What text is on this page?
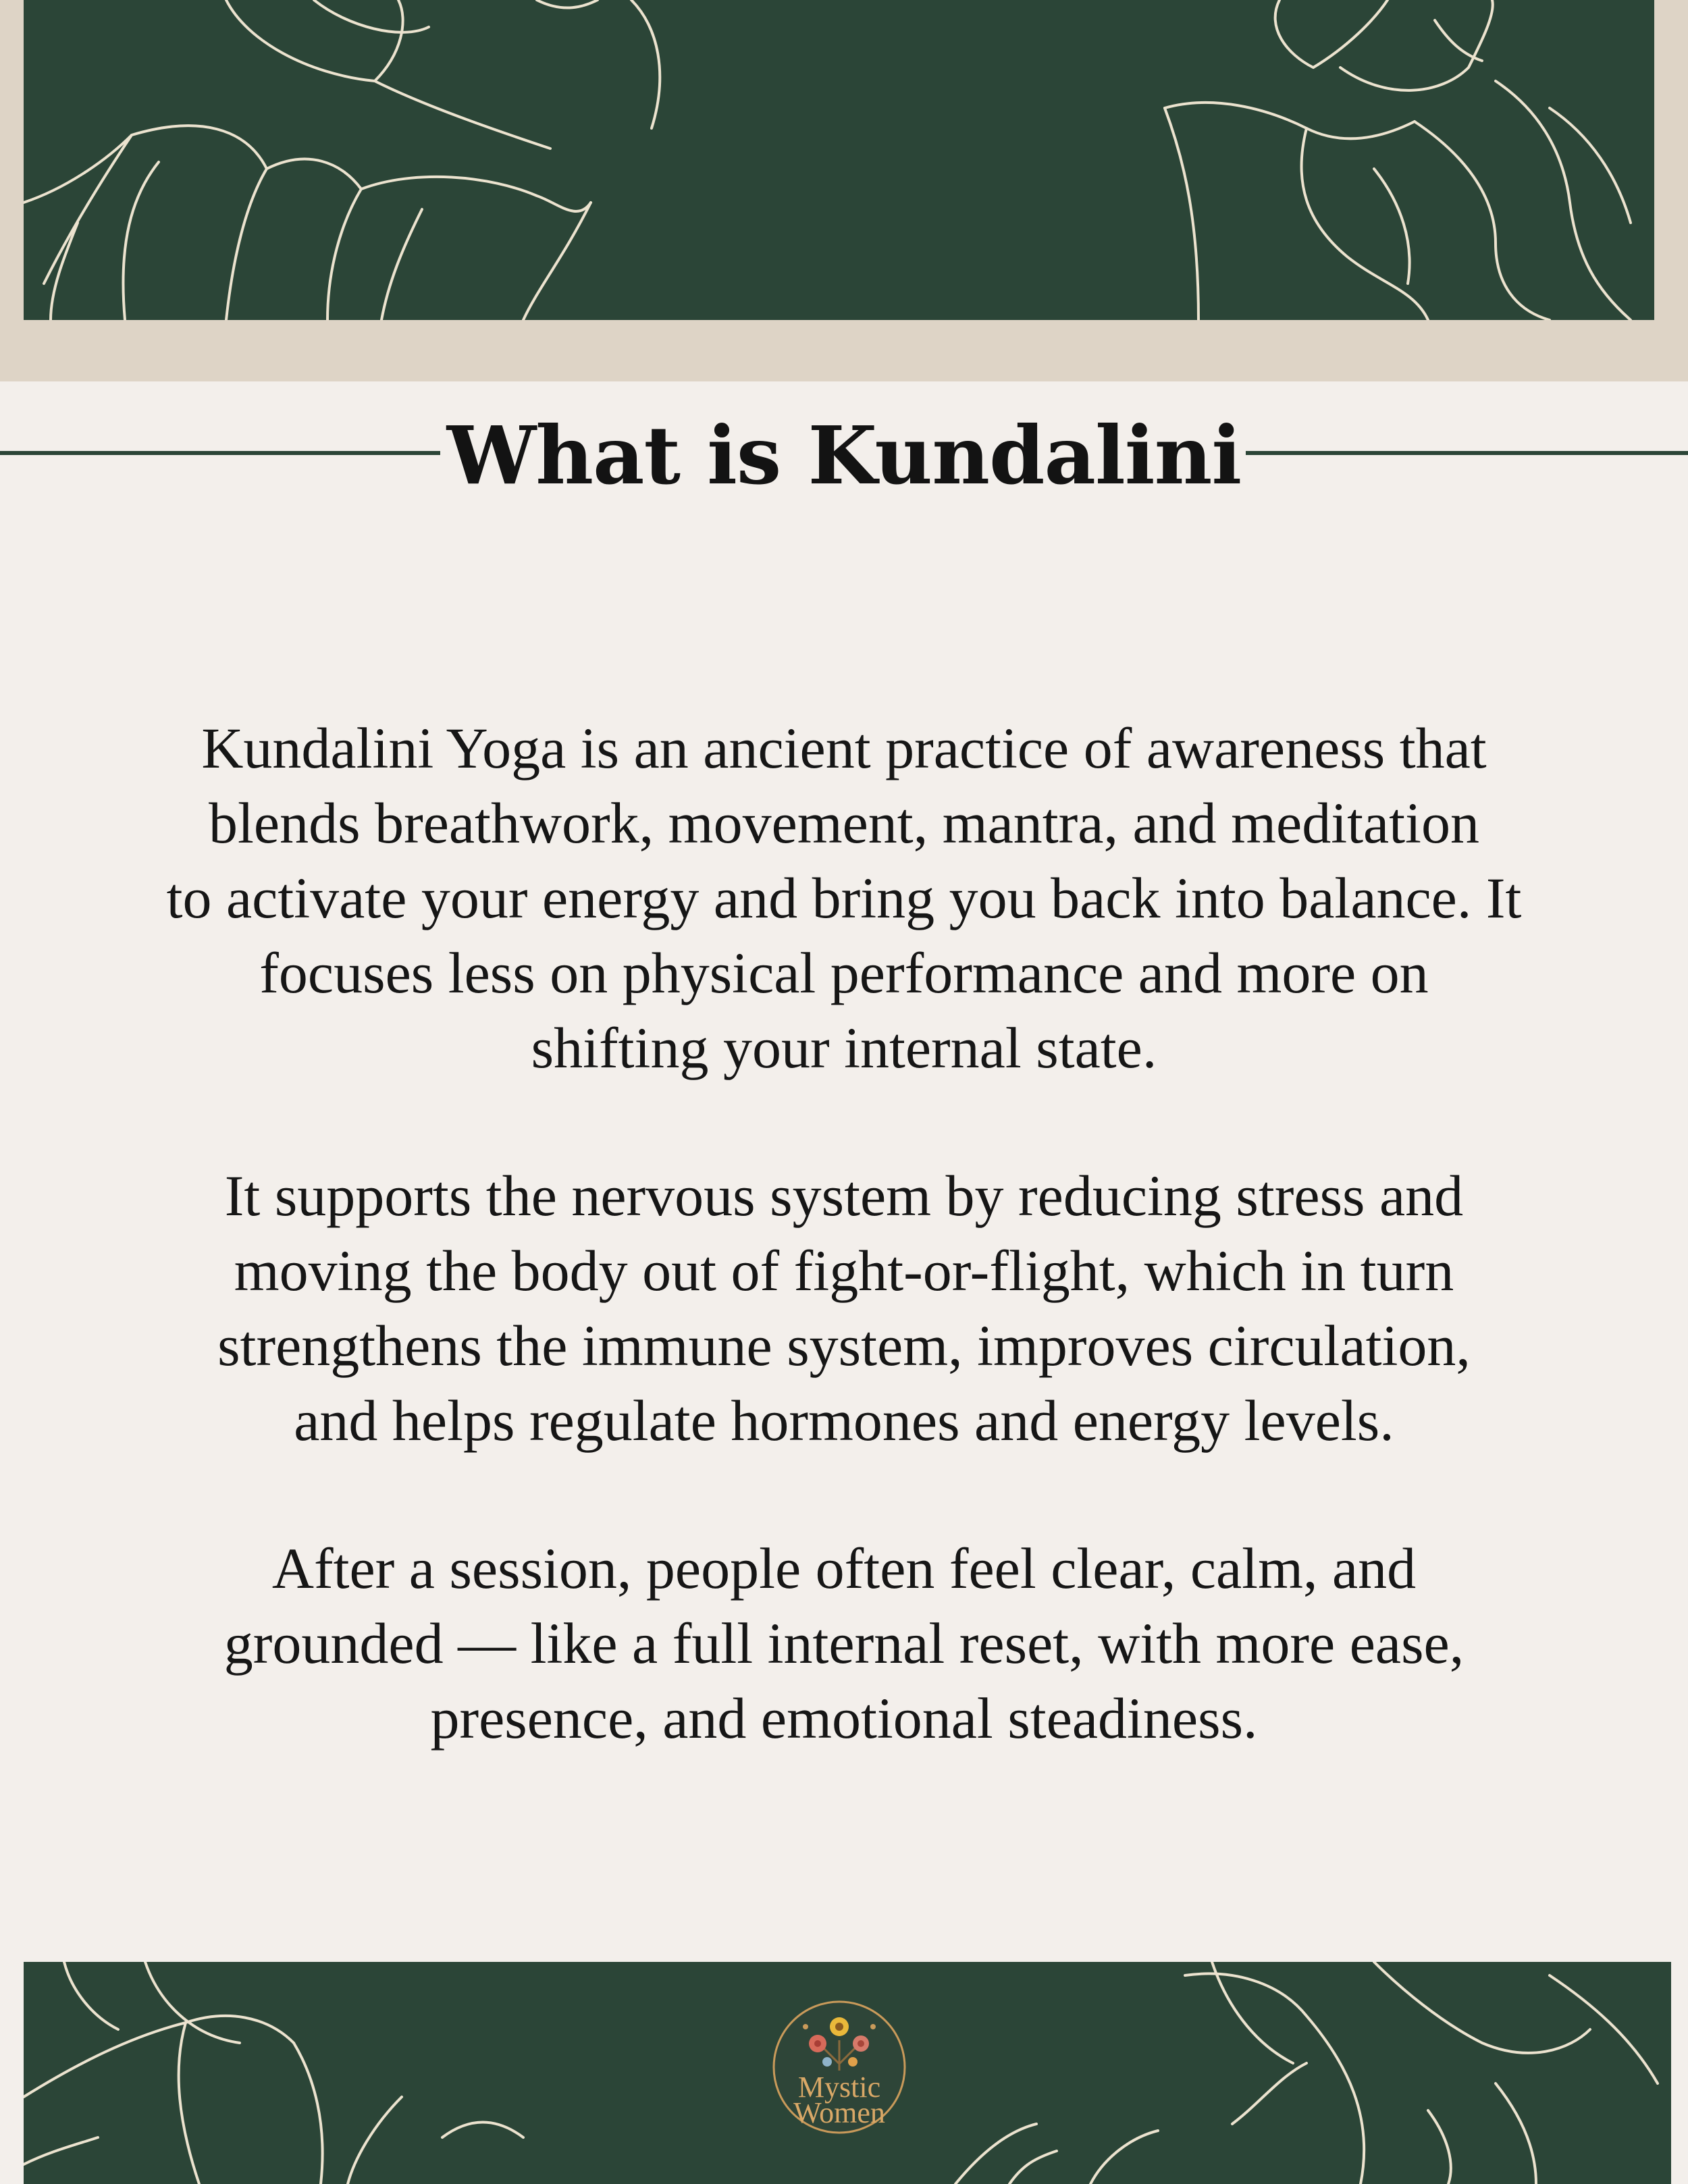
What is Kundalini
Kundalini Yoga is an ancient practice of awareness that
blends breathwork, movement, mantra, and meditation
to activate your energy and bring you back into balance. It
focuses less on physical performance and more on
shifting your internal state.
It supports the nervous system by reducing stress and
moving the body out of fight-or-flight, which in turn
strengthens the immune system, improves circulation,
and helps regulate hormones and energy levels.
After a session, people often feel clear, calm, and
grounded — like a full internal reset, with more ease,
presence, and emotional steadiness.
Mystic
Women
